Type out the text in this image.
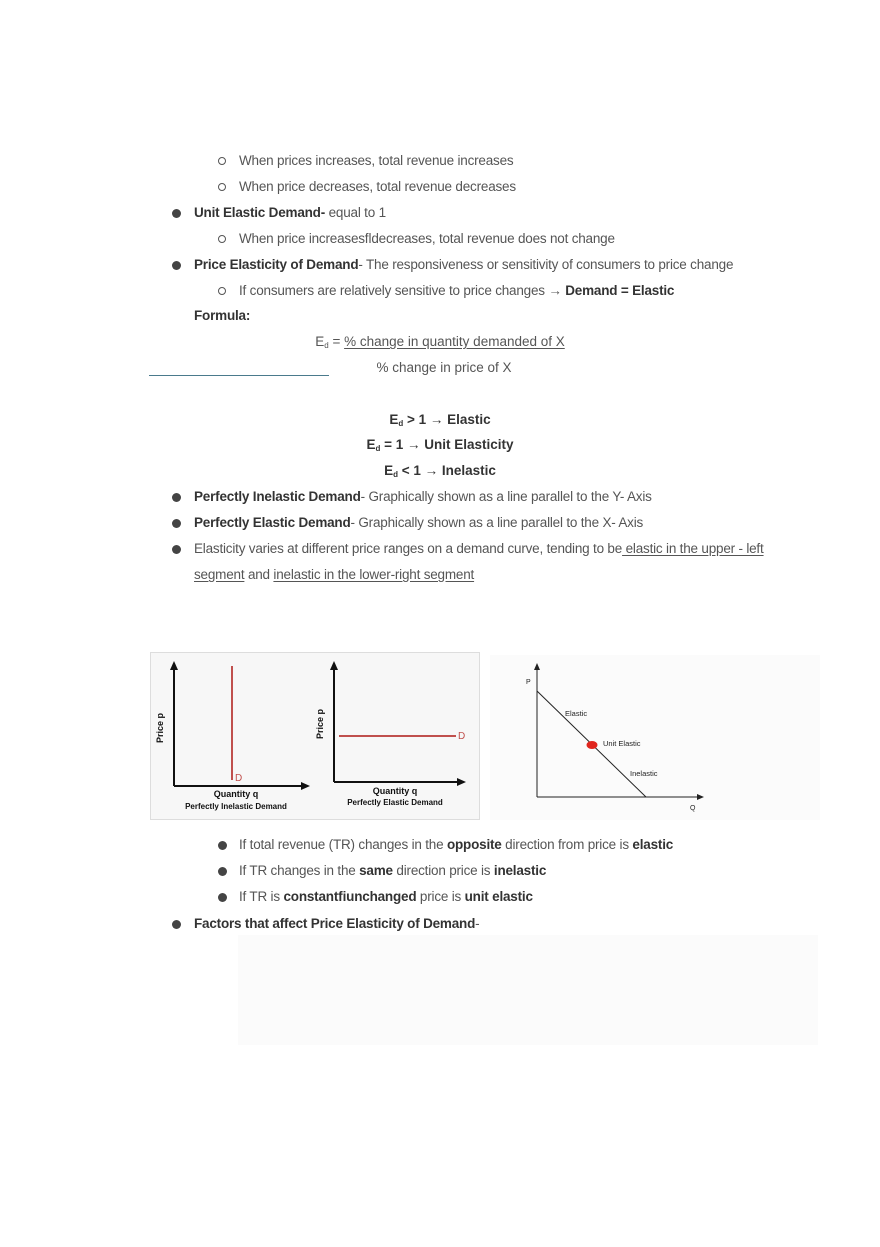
When prices increases, total revenue increases
When price decreases, total revenue decreases
Unit Elastic Demand- equal to 1
When price increasesﬂdecreases, total revenue does not change
Price Elasticity of Demand- The responsiveness or sensitivity of consumers to price change
If consumers are relatively sensitive to price changes → Demand = Elastic
Formula:
$E_d$ = % change in quantity demanded of X
% change in price of X
$E_d > 1$ → Elastic
$E_d = 1$ → Unit Elasticity
$E_d < 1$ → Inelastic
Perfectly Inelastic Demand- Graphically shown as a line parallel to the Y- Axis
Perfectly Elastic Demand- Graphically shown as a line parallel to the X- Axis
Elasticity varies at different price ranges on a demand curve, tending to be elastic in the upper - left
segment and inelastic in the lower-right segment
D
Price p
Quantity q
Perfectly Inelastic Demand
D
Price p
Quantity q
Perfectly Elastic Demand
P
Q
Elastic
Unit Elastic
Inelastic
If total revenue (TR) changes in the opposite direction from price is elastic
If TR changes in the same direction price is inelastic
If TR is constantﬁunchanged price is unit elastic
Factors that affect Price Elasticity of Demand-
